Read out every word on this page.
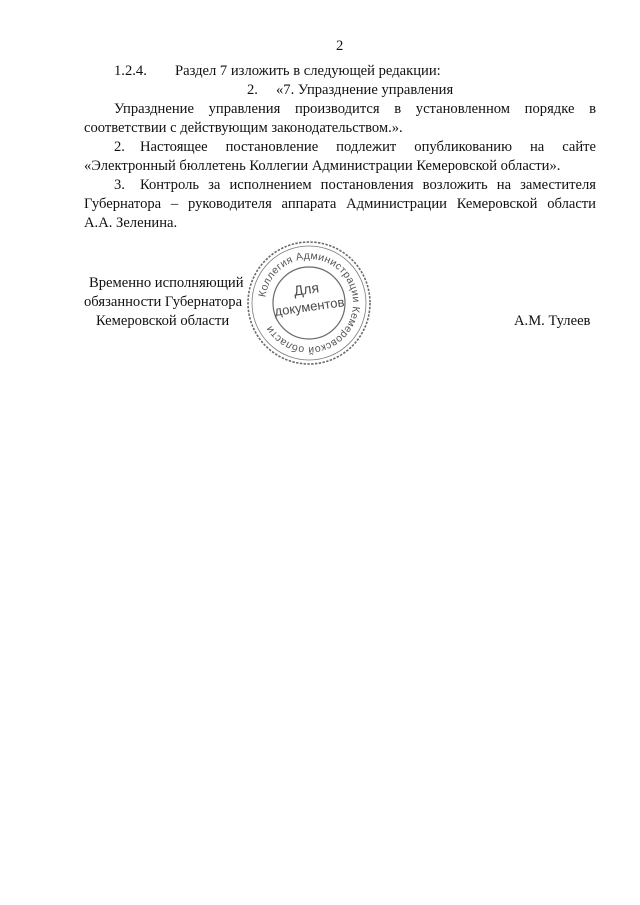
2
1.2.4. Раздел 7 изложить в следующей редакции:
2. «7. Упразднение управления
Упразднение управления производится в установленном порядке в
соответствии с действующим законодательством.».
2. Настоящее постановление подлежит опубликованию на сайте
«Электронный бюллетень Коллегии Администрации Кемеровской области».
3. Контроль за исполнением постановления возложить на заместителя
Губернатора – руководителя аппарата Администрации Кемеровской области
А.А. Зеленина.
Временно исполняющий
обязанности Губернатора
Кемеровской области	А.М. Тулеев
Коллегия Администрации Кемеровской области
Для
документов
